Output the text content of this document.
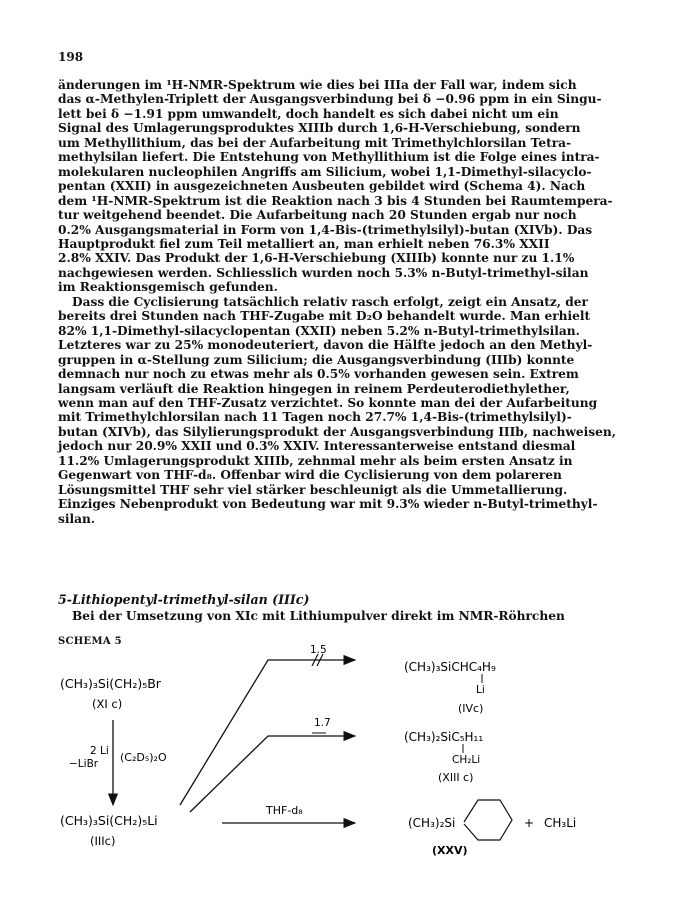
198
änderungen im ¹H-NMR-Spektrum wie dies bei IIIa der Fall war, indem sich
das α-Methylen-Triplett der Ausgangsverbindung bei δ −0.96 ppm in ein Singu-
lett bei δ −1.91 ppm umwandelt, doch handelt es sich dabei nicht um ein
Signal des Umlagerungsproduktes XIIIb durch 1,6-H-Verschiebung, sondern
um Methyllithium, das bei der Aufarbeitung mit Trimethylchlorsilan Tetra-
methylsilan liefert. Die Entstehung von Methyllithium ist die Folge eines intra-
molekularen nucleophilen Angriffs am Silicium, wobei 1,1-Dimethyl-silacyclo-
pentan (XXII) in ausgezeichneten Ausbeuten gebildet wird (Schema 4). Nach
dem ¹H-NMR-Spektrum ist die Reaktion nach 3 bis 4 Stunden bei Raumtempera-
tur weitgehend beendet. Die Aufarbeitung nach 20 Stunden ergab nur noch
0.2% Ausgangsmaterial in Form von 1,4-Bis-(trimethylsilyl)-butan (XIVb). Das
Hauptprodukt fiel zum Teil metalliert an, man erhielt neben 76.3% XXII
2.8% XXIV. Das Produkt der 1,6-H-Verschiebung (XIIIb) konnte nur zu 1.1%
nachgewiesen werden. Schliesslich wurden noch 5.3% n-Butyl-trimethyl-silan
im Reaktionsgemisch gefunden.
Dass die Cyclisierung tatsächlich relativ rasch erfolgt, zeigt ein Ansatz, der
bereits drei Stunden nach THF-Zugabe mit D₂O behandelt wurde. Man erhielt
82% 1,1-Dimethyl-silacyclopentan (XXII) neben 5.2% n-Butyl-trimethylsilan.
Letzteres war zu 25% monodeuteriert, davon die Hälfte jedoch an den Methyl-
gruppen in α-Stellung zum Silicium; die Ausgangsverbindung (IIIb) konnte
demnach nur noch zu etwas mehr als 0.5% vorhanden gewesen sein. Extrem
langsam verläuft die Reaktion hingegen in reinem Perdeuterodiethylether,
wenn man auf den THF-Zusatz verzichtet. So konnte man dei der Aufarbeitung
mit Trimethylchlorsilan nach 11 Tagen noch 27.7% 1,4-Bis-(trimethylsilyl)-
butan (XIVb), das Silylierungsprodukt der Ausgangsverbindung IIIb, nachweisen,
jedoch nur 20.9% XXII und 0.3% XXIV. Interessanterweise entstand diesmal
11.2% Umlagerungsprodukt XIIIb, zehnmal mehr als beim ersten Ansatz in
Gegenwart von THF-d₈. Offenbar wird die Cyclisierung von dem polareren
Lösungsmittel THF sehr viel stärker beschleunigt als die Ummetallierung.
Einziges Nebenprodukt von Bedeutung war mit 9.3% wieder n-Butyl-trimethyl-
silan.
5-Lithiopentyl-trimethyl-silan (IIIc)
Bei der Umsetzung von XIc mit Lithiumpulver direkt im NMR-Röhrchen
SCHEMA 5
(CH₃)₃Si(CH₂)₅Br
(XI c)
2 Li
−LiBr (C₂D₅)₂O
(CH₃)₃Si(CH₂)₅Li
(IIIc)
1.5
1.7
THF-d₈
(CH₃)₃SiCHC₄H₉
Li
(IVc)
(CH₃)₂SiC₅H₁₁
CH₂Li
(XIII c)
(CH₃)₂Si	+ CH₃Li
(XXV)
